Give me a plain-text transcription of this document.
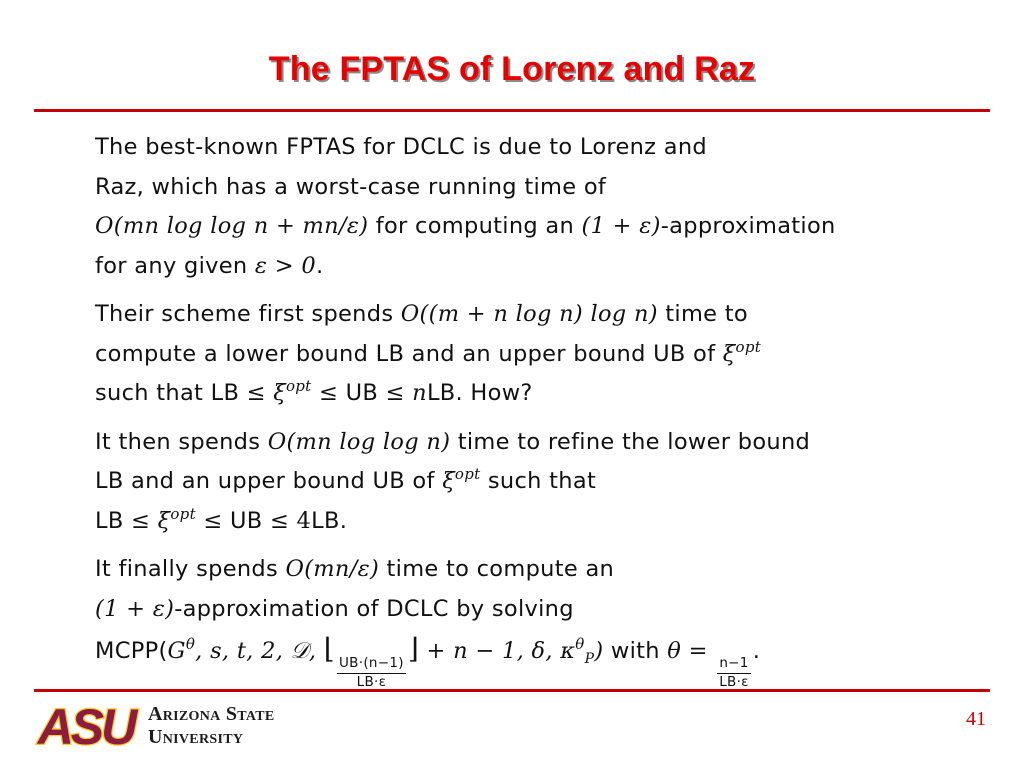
The FPTAS of Lorenz and Raz
The best-known FPTAS for DCLC is due to Lorenz and
Raz, which has a worst-case running time of
O(mn log log n + mn/ε) for computing an (1 + ε)-approximation
for any given ε > 0.
Their scheme first spends O((m + n log n) log n) time to
compute a lower bound LB and an upper bound UB of $\xi^{opt}$
such that LB ≤ $\xi^{opt}$ ≤ UB ≤ nLB. How?
It then spends O(mn log log n) time to refine the lower bound
LB and an upper bound UB of $\xi^{opt}$ such that
LB ≤ $\xi^{opt}$ ≤ UB ≤ 4LB.
It finally spends O(mn/ε) time to compute an
(1 + ε)-approximation of DCLC by solving
$MCPP(G^\theta$, s, t, 2, 𝒟, ⌊
$\frac{UB\cdot(n-1)}{LB\cdot\varepsilon}$
⌋ + n − 1, δ, $\kappa^\theta_P$) with θ =
$\frac{n-1}{LB\cdot\varepsilon}$
.
ASU Arizona State
University
41
